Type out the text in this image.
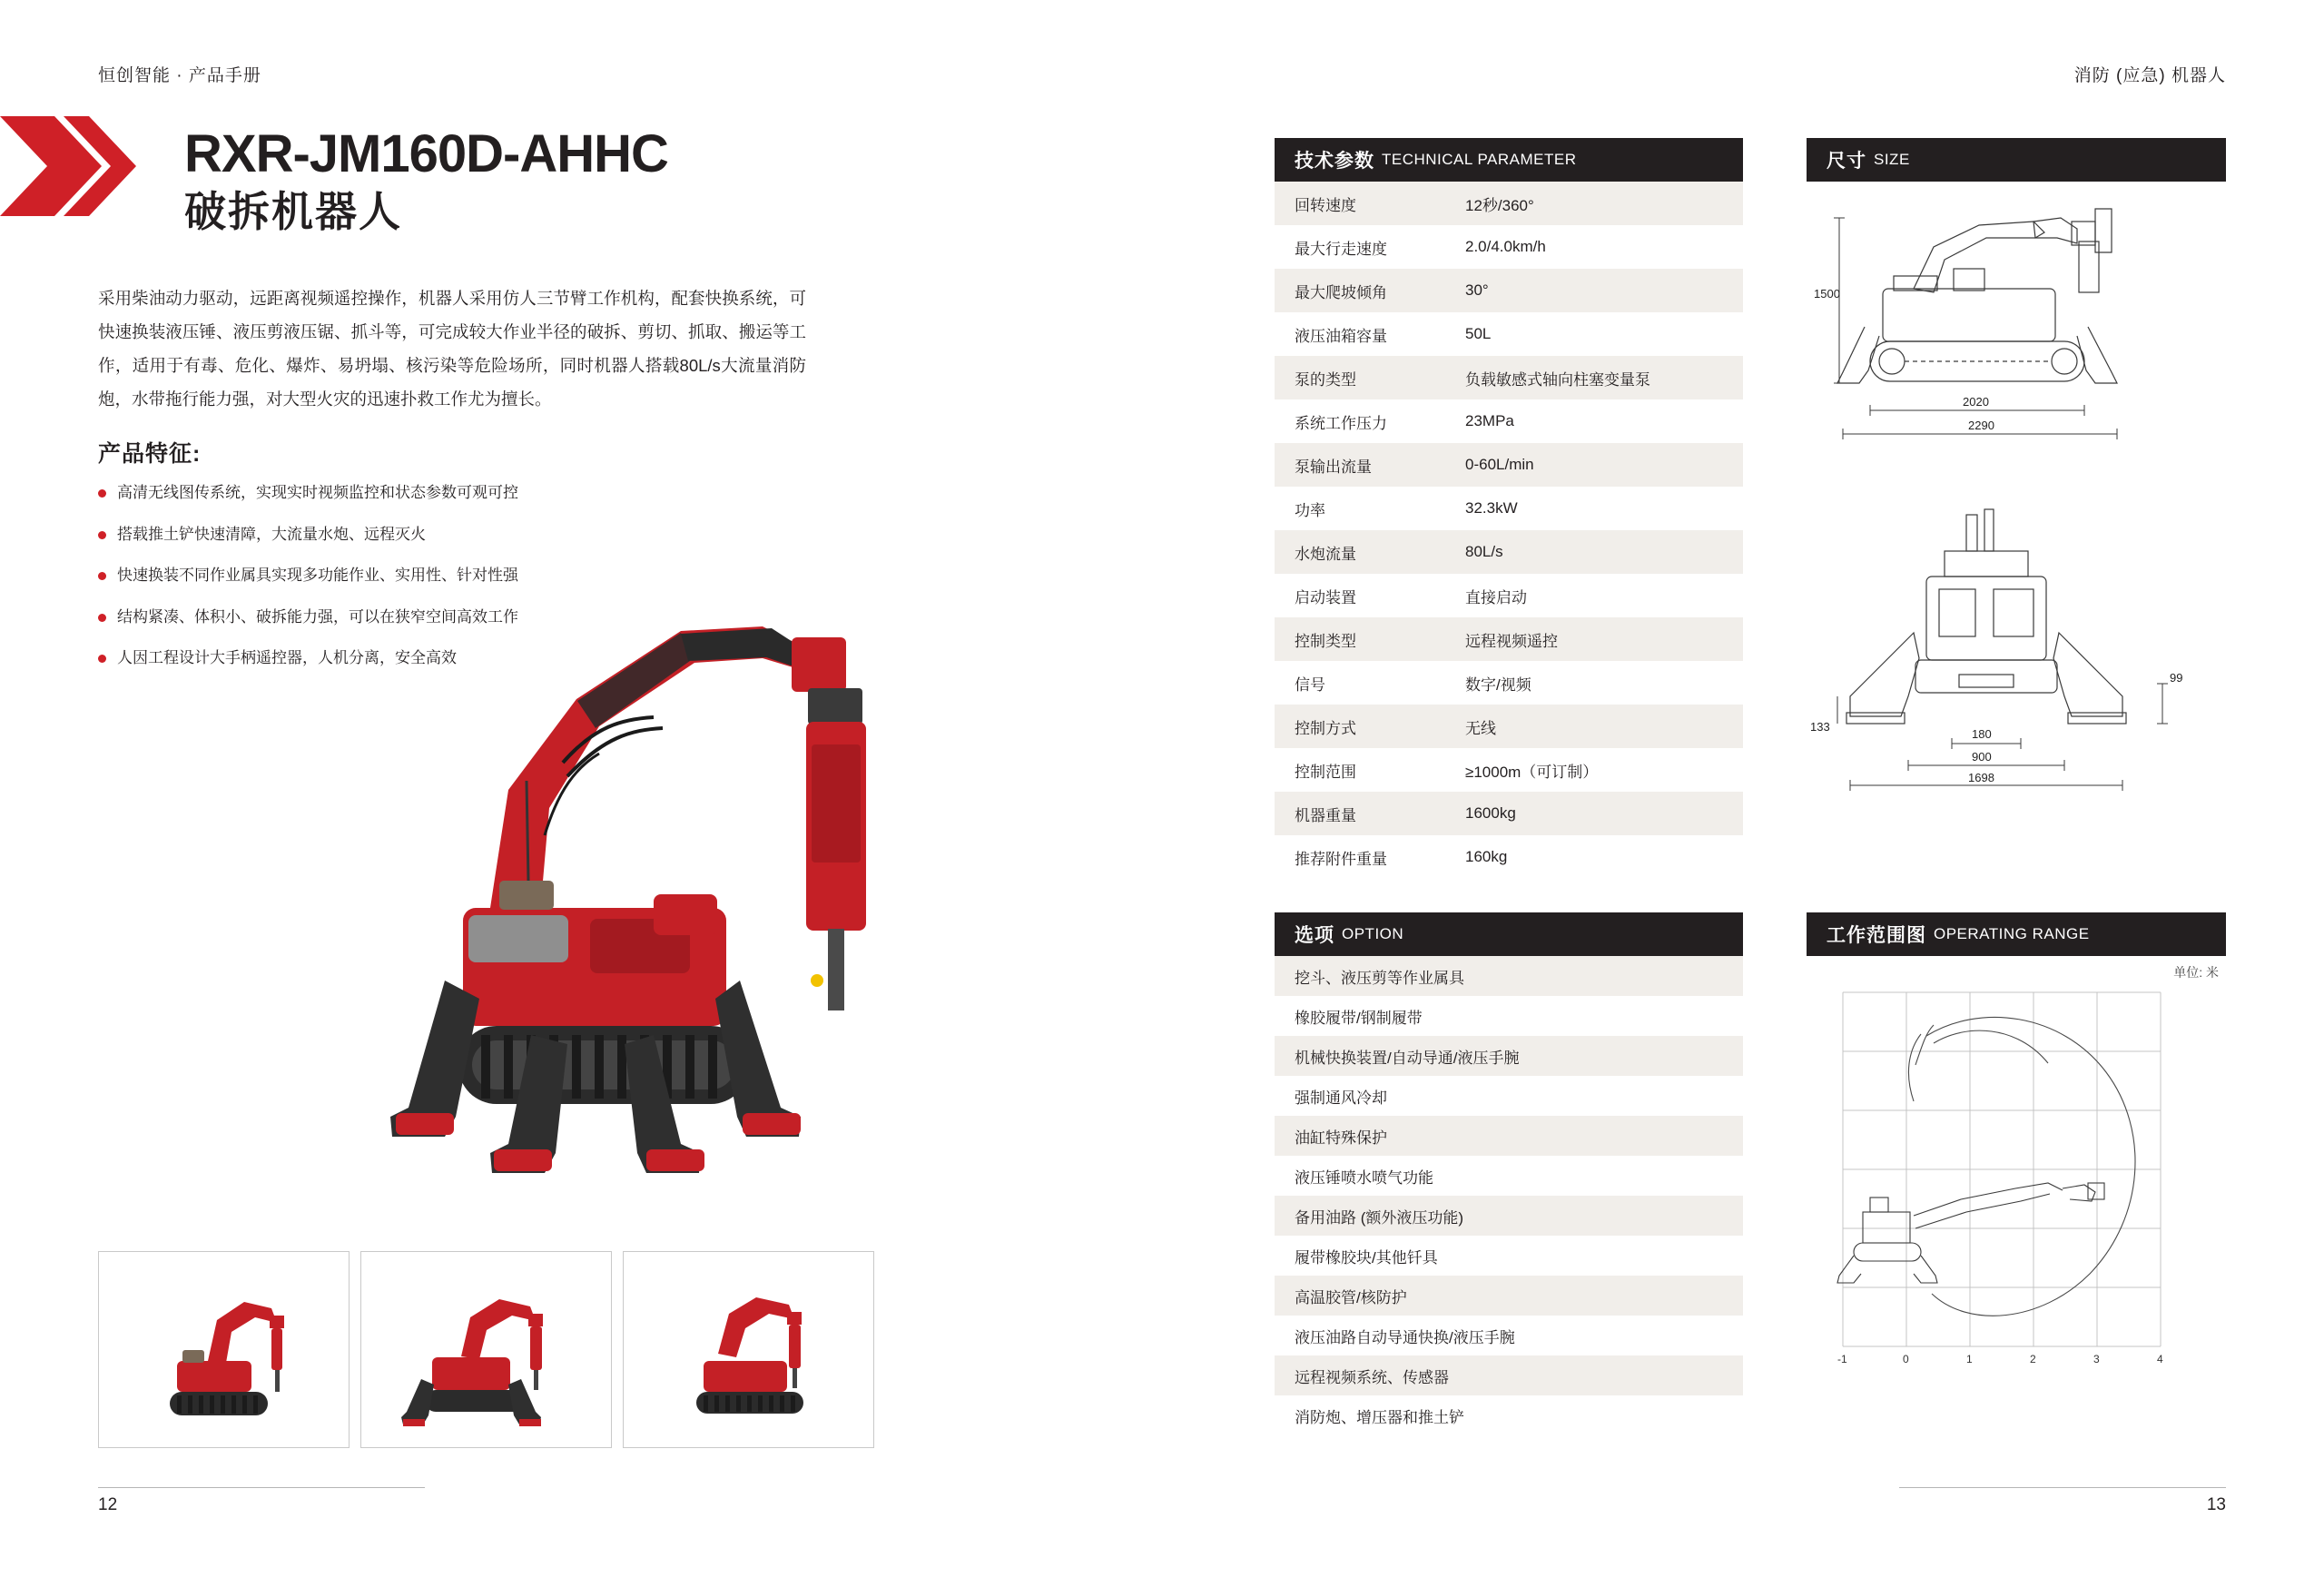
恒创智能 · 产品手册	消防 (应急) 机器人
RXR-JM160D-AHHC
破拆机器人
采用柴油动力驱动，远距离视频遥控操作，机器人采用仿人三节臂工作机构，配套快换系统，可快速换装液压锤、液压剪液压锯、抓斗等，可完成较大作业半径的破拆、剪切、抓取、搬运等工作，适用于有毒、危化、爆炸、易坍塌、核污染等危险场所，同时机器人搭载80L/s大流量消防炮，水带拖行能力强，对大型火灾的迅速扑救工作尤为擅长。
产品特征:
高清无线图传系统，实现实时视频监控和状态参数可观可控
搭载推土铲快速清障，大流量水炮、远程灭火
快速换装不同作业属具实现多功能作业、实用性、针对性强
结构紧凑、体积小、破拆能力强，可以在狭窄空间高效工作
人因工程设计大手柄遥控器，人机分离，安全高效
12	13
技术参数 TECHNICAL PARAMETER
回转速度	12秒/360°
最大行走速度	2.0/4.0km/h
最大爬坡倾角	30°
液压油箱容量	50L
泵的类型	负载敏感式轴向柱塞变量泵
系统工作压力	23MPa
泵输出流量	0-60L/min
功率	32.3kW
水炮流量	80L/s
启动装置	直接启动
控制类型	远程视频遥控
信号	数字/视频
控制方式	无线
控制范围	≥1000m（可订制）
机器重量	1600kg
推荐附件重量	160kg
选项 OPTION
挖斗、液压剪等作业属具
橡胶履带/钢制履带
机械快换装置/自动导通/液压手腕
强制通风冷却
油缸特殊保护
液压锤喷水喷气功能
备用油路 (额外液压功能)
履带橡胶块/其他钎具
高温胶管/核防护
液压油路自动导通快换/液压手腕
远程视频系统、传感器
消防炮、增压器和推土铲
尺寸 SIZE
1500
2020
2290

99
133
180
900
1698
工作范围图 OPERATING RANGE
单位: 米
-1	0	1	2	3	4
